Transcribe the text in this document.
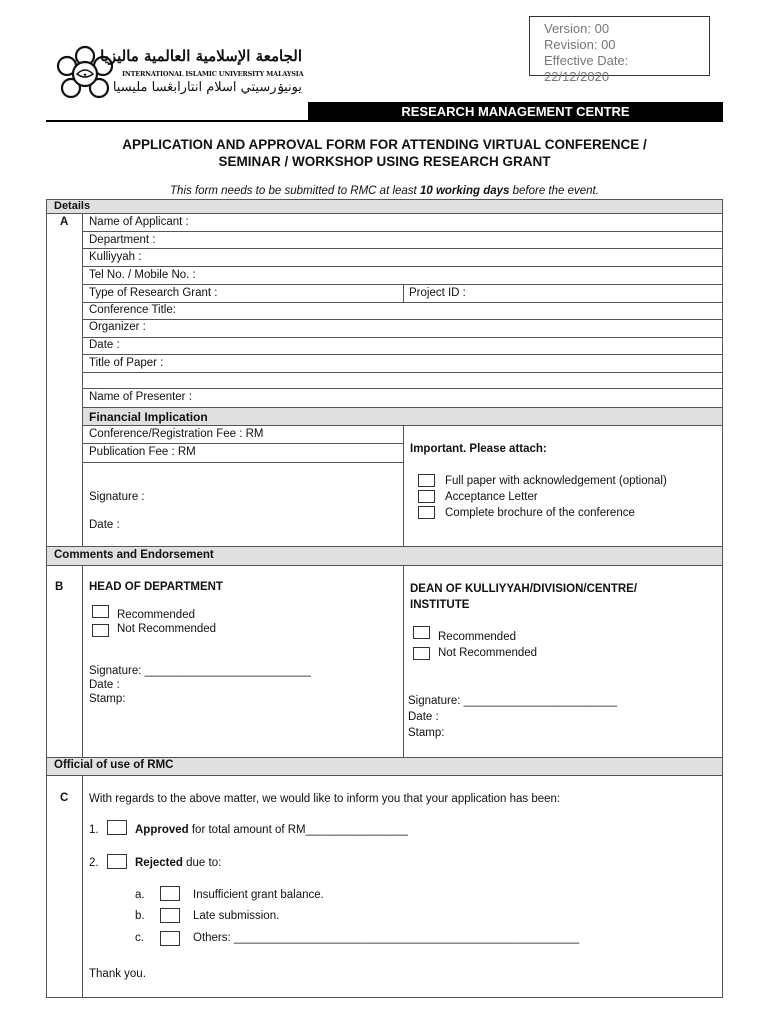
Version: 00
Revision: 00
Effective Date:
22/12/2020
✦
الجامعة الإسلامية العالمية ماليزيا
INTERNATIONAL ISLAMIC UNIVERSITY MALAYSIA
يونيۏرسيتي اسلام انتارابڠسا مليسيا
RESEARCH MANAGEMENT CENTRE
APPLICATION AND APPROVAL FORM FOR ATTENDING VIRTUAL CONFERENCE /
SEMINAR / WORKSHOP USING RESEARCH GRANT
This form needs to be submitted to RMC at least 10 working days before the event.
Details
Comments and Endorsement
Official of use of RMC
A Name of Applicant :
Department :
Kulliyyah :
Tel No. / Mobile No. :
Type of Research Grant :	Project ID :
Conference Title:
Organizer :
Date :
Title of Paper :
Name of Presenter :
Financial Implication
Conference/Registration Fee : RM
Publication Fee : RM
Signature :
Date :
Important. Please attach:
Full paper with acknowledgement (optional)
Acceptance Letter
Complete brochure of the conference
B HEAD OF DEPARTMENT
Recommended
Not Recommended
Signature: __________________________
Date :
Stamp:
DEAN OF KULLIYYAH/DIVISION/CENTRE/
INSTITUTE
Recommended
Not Recommended
Signature: ________________________
Date :
Stamp:
C With regards to the above matter, we would like to inform you that your application has been:
1.	Approved for total amount of RM________________
2.	Rejected due to:
a.	Insufficient grant balance.
b.	Late submission.
c.	Others: ______________________________________________________
Thank you.
